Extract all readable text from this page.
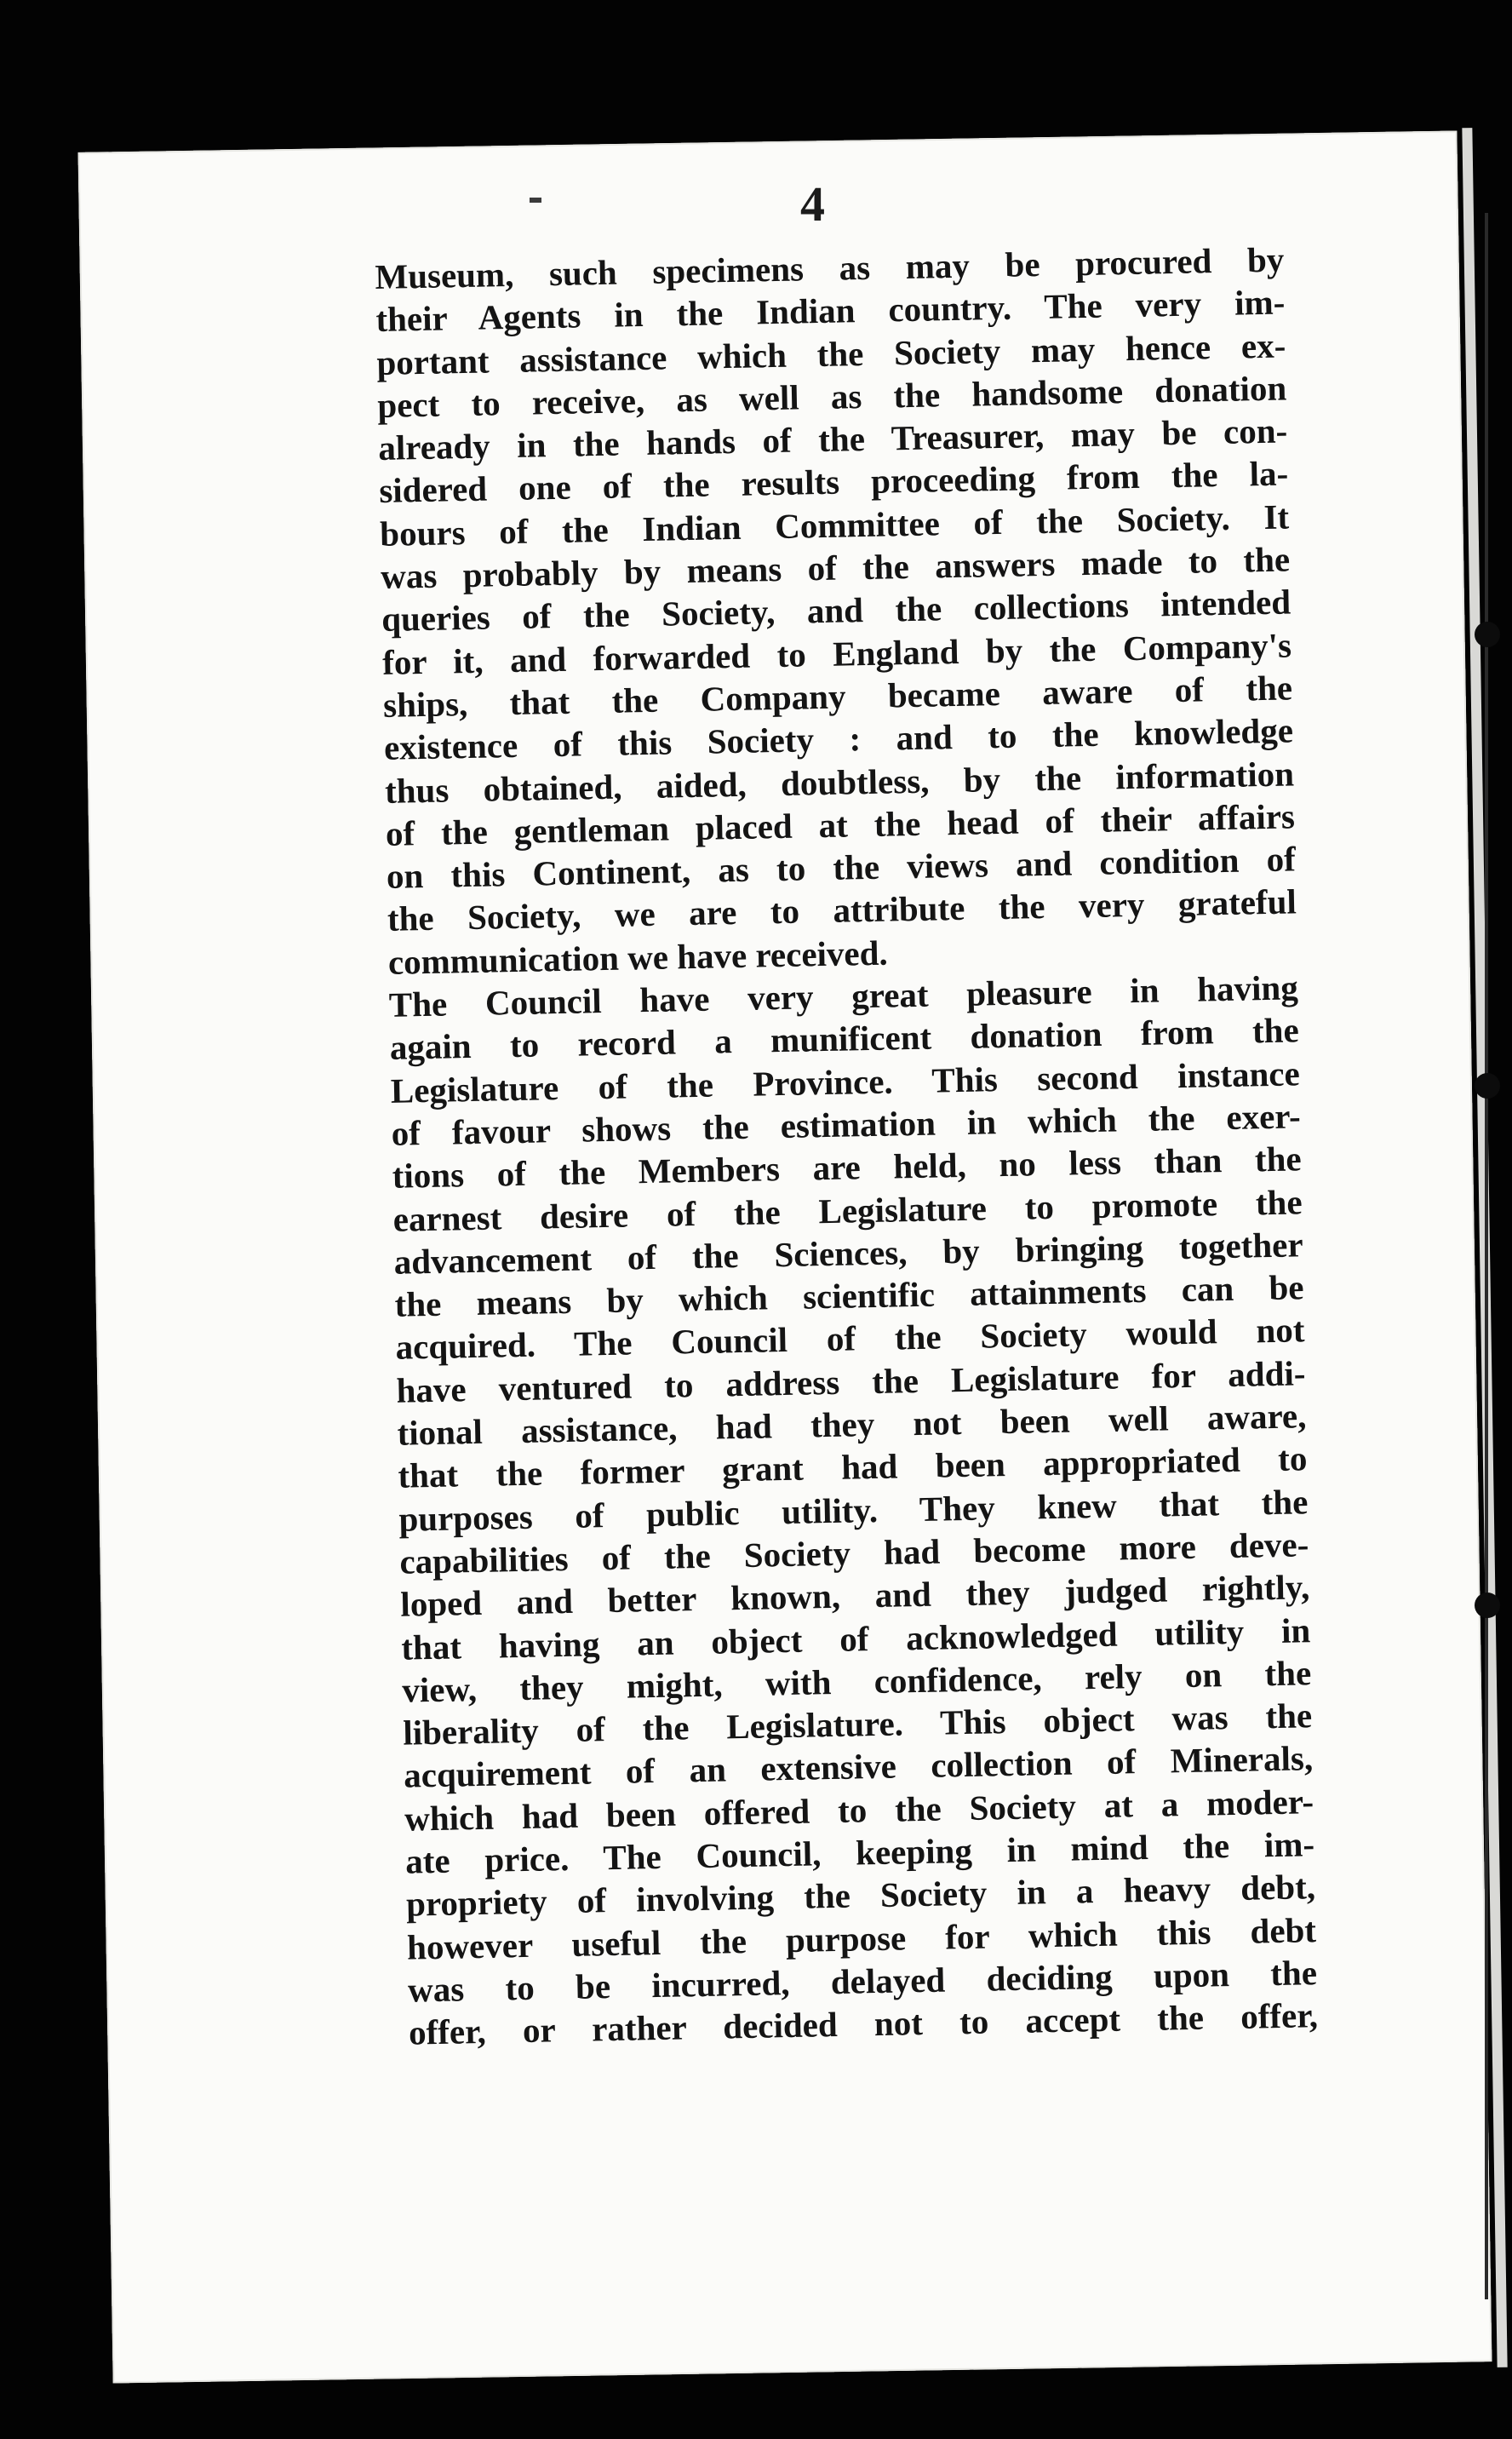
4
Museum, such specimens as may be procured by
their Agents in the Indian country. The very im-
portant assistance which the Society may hence ex-
pect to receive, as well as the handsome donation
already in the hands of the Treasurer, may be con-
sidered one of the results proceeding from the la-
bours of the Indian Committee of the Society. It
was probably by means of the answers made to the
queries of the Society, and the collections intended
for it, and forwarded to England by the Company's
ships, that the Company became aware of the
existence of this Society : and to the knowledge
thus obtained, aided, doubtless, by the information
of the gentleman placed at the head of their affairs
on this Continent, as to the views and condition of
the Society, we are to attribute the very grateful
communication we have received.
The Council have very great pleasure in having
again to record a munificent donation from the
Legislature of the Province. This second instance
of favour shows the estimation in which the exer-
tions of the Members are held, no less than the
earnest desire of the Legislature to promote the
advancement of the Sciences, by bringing together
the means by which scientific attainments can be
acquired. The Council of the Society would not
have ventured to address the Legislature for addi-
tional assistance, had they not been well aware,
that the former grant had been appropriated to
purposes of public utility. They knew that the
capabilities of the Society had become more deve-
loped and better known, and they judged rightly,
that having an object of acknowledged utility in
view, they might, with confidence, rely on the
liberality of the Legislature. This object was the
acquirement of an extensive collection of Minerals,
which had been offered to the Society at a moder-
ate price. The Council, keeping in mind the im-
propriety of involving the Society in a heavy debt,
however useful the purpose for which this debt
was to be incurred, delayed deciding upon the
offer, or rather decided not to accept the offer,
